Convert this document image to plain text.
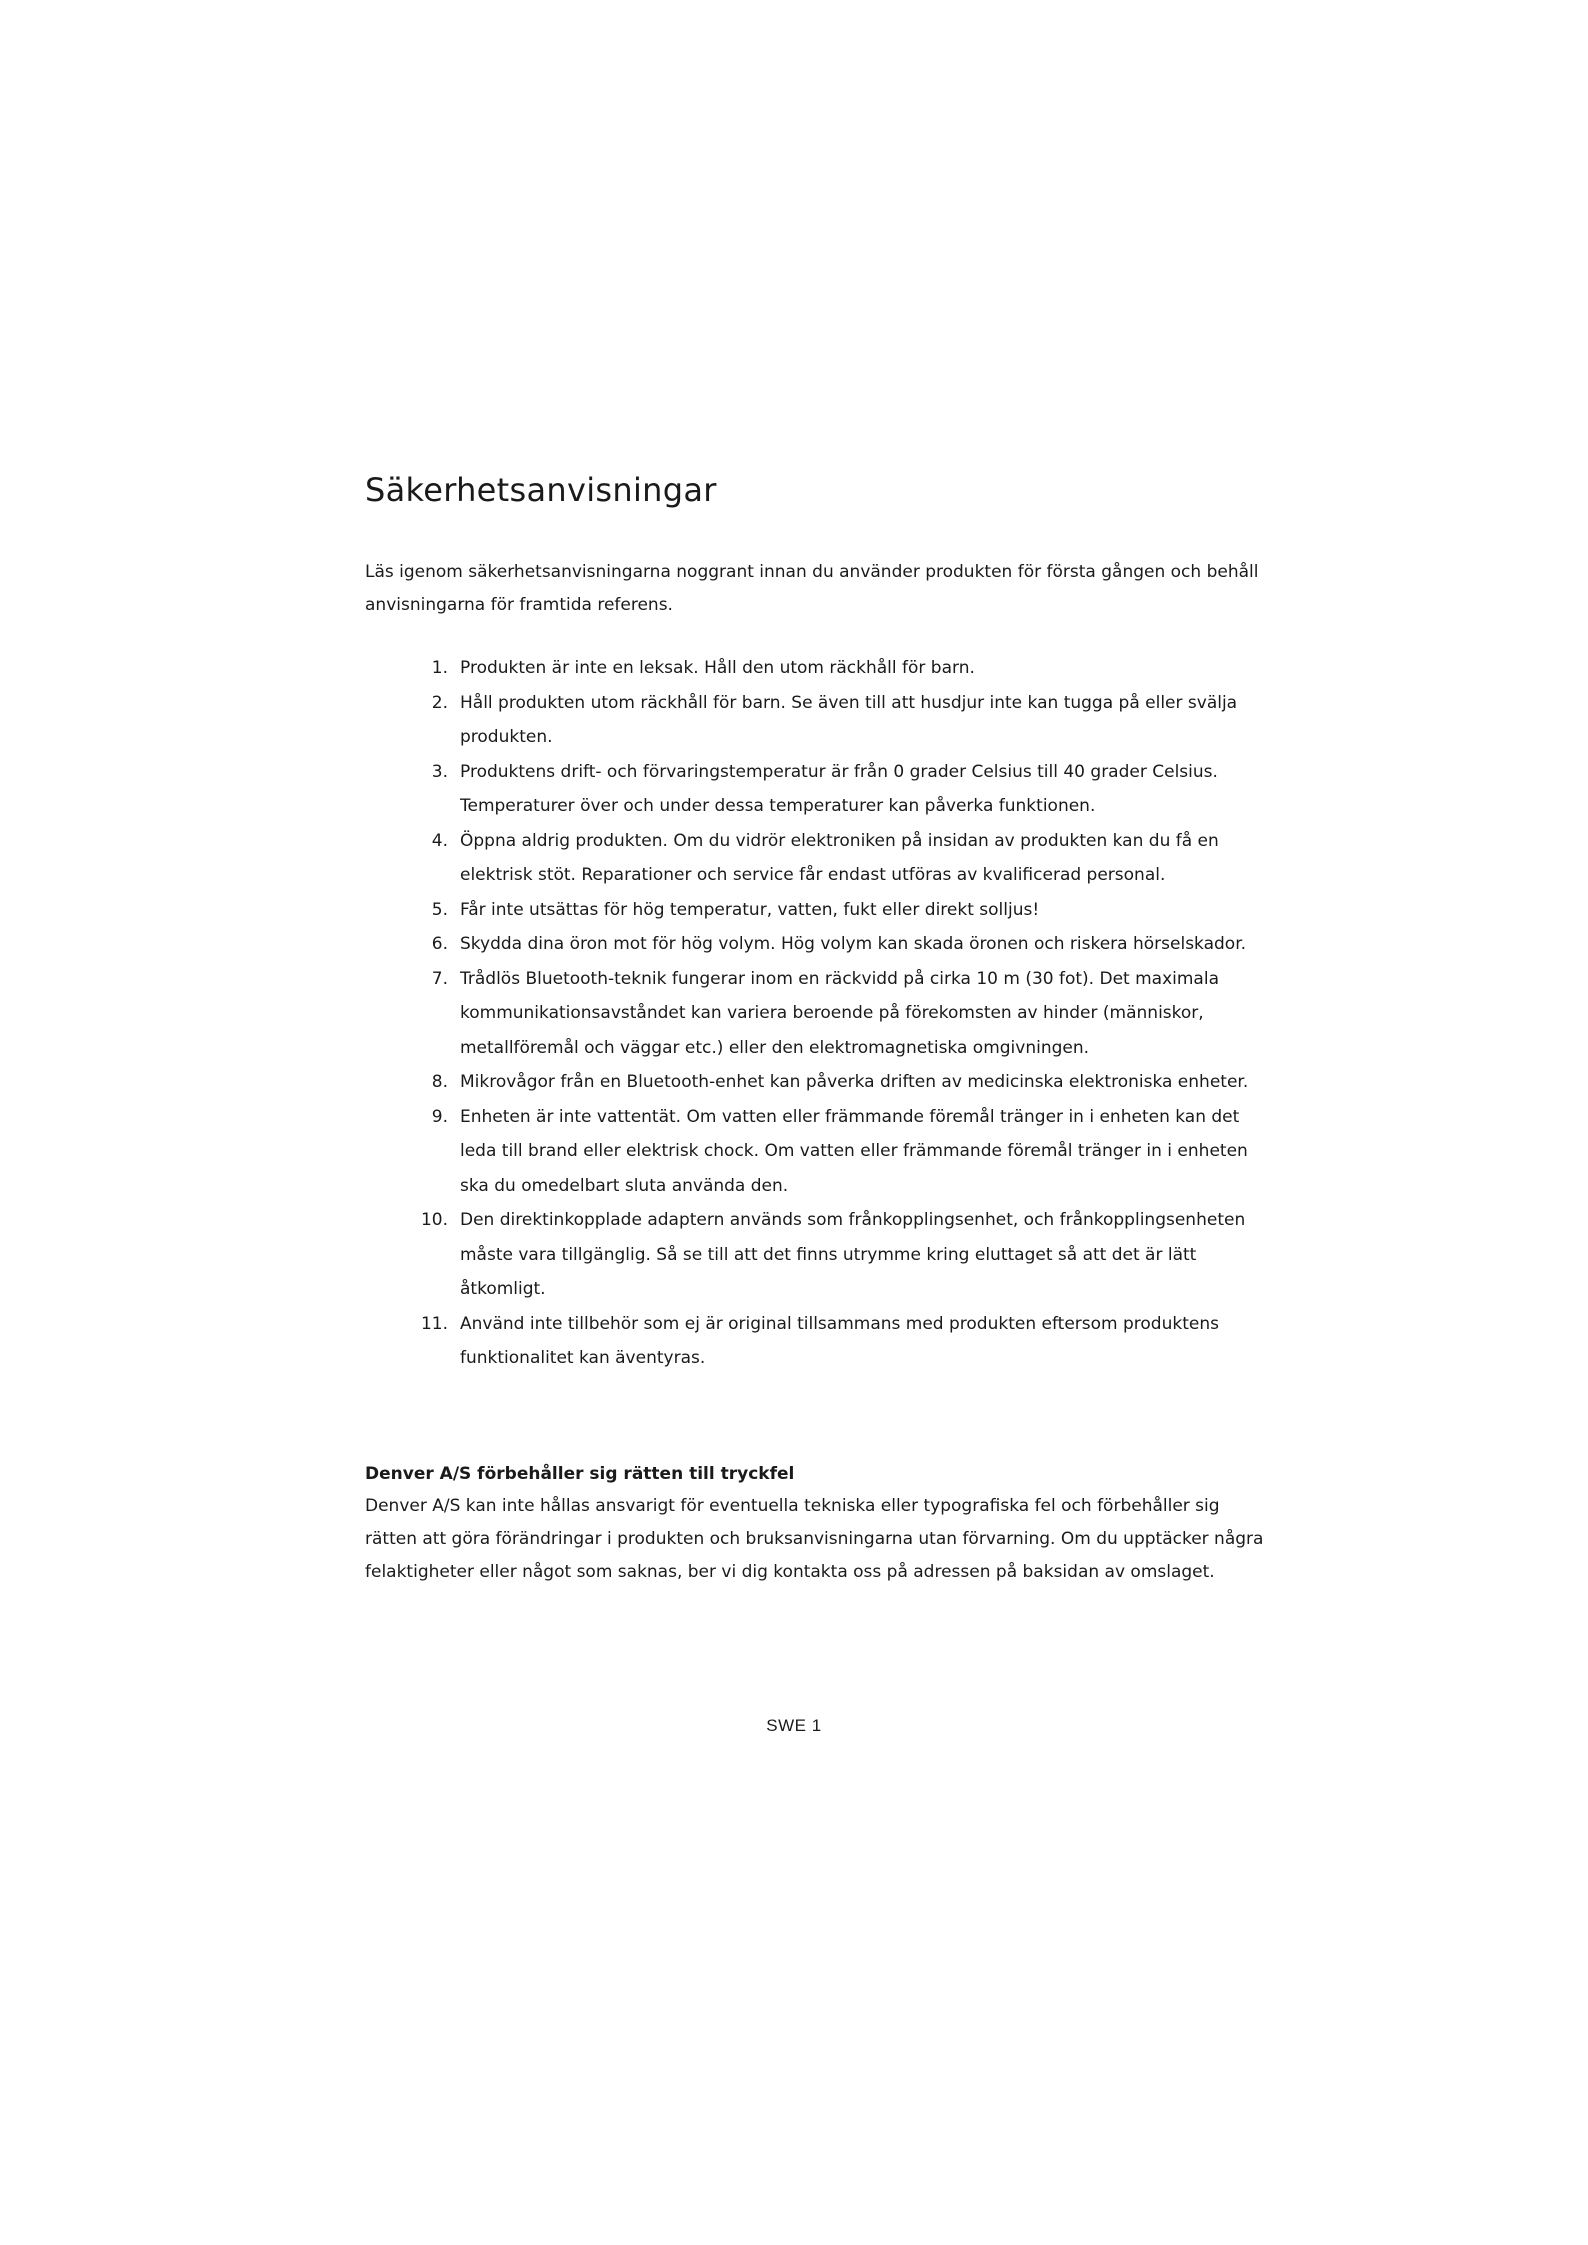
Säkerhetsanvisningar

Läs igenom säkerhetsanvisningarna noggrant innan du använder produkten för första gången och behåll anvisningarna för framtida referens.

1. Produkten är inte en leksak. Håll den utom räckhåll för barn.
2. Håll produkten utom räckhåll för barn. Se även till att husdjur inte kan tugga på eller svälja produkten.
3. Produktens drift- och förvaringstemperatur är från 0 grader Celsius till 40 grader Celsius. Temperaturer över och under dessa temperaturer kan påverka funktionen.
4. Öppna aldrig produkten. Om du vidrör elektroniken på insidan av produkten kan du få en elektrisk stöt. Reparationer och service får endast utföras av kvalificerad personal.
5. Får inte utsättas för hög temperatur, vatten, fukt eller direkt solljus!
6. Skydda dina öron mot för hög volym. Hög volym kan skada öronen och riskera hörselskador.
7. Trådlös Bluetooth-teknik fungerar inom en räckvidd på cirka 10 m (30 fot). Det maximala kommunikationsavståndet kan variera beroende på förekomsten av hinder (människor, metallföremål och väggar etc.) eller den elektromagnetiska omgivningen.
8. Mikrovågor från en Bluetooth-enhet kan påverka driften av medicinska elektroniska enheter.
9. Enheten är inte vattentät. Om vatten eller främmande föremål tränger in i enheten kan det leda till brand eller elektrisk chock. Om vatten eller främmande föremål tränger in i enheten ska du omedelbart sluta använda den.
10. Den direktinkopplade adaptern används som frånkopplingsenhet, och frånkopplingsenheten måste vara tillgänglig. Så se till att det finns utrymme kring eluttaget så att det är lätt åtkomligt.
11. Använd inte tillbehör som ej är original tillsammans med produkten eftersom produktens funktionalitet kan äventyras.
Denver A/S förbehåller sig rätten till tryckfel

Denver A/S kan inte hållas ansvarigt för eventuella tekniska eller typografiska fel och förbehåller sig rätten att göra förändringar i produkten och bruksanvisningarna utan förvarning. Om du upptäcker några felaktigheter eller något som saknas, ber vi dig kontakta oss på adressen på baksidan av omslaget.

SWE 1
